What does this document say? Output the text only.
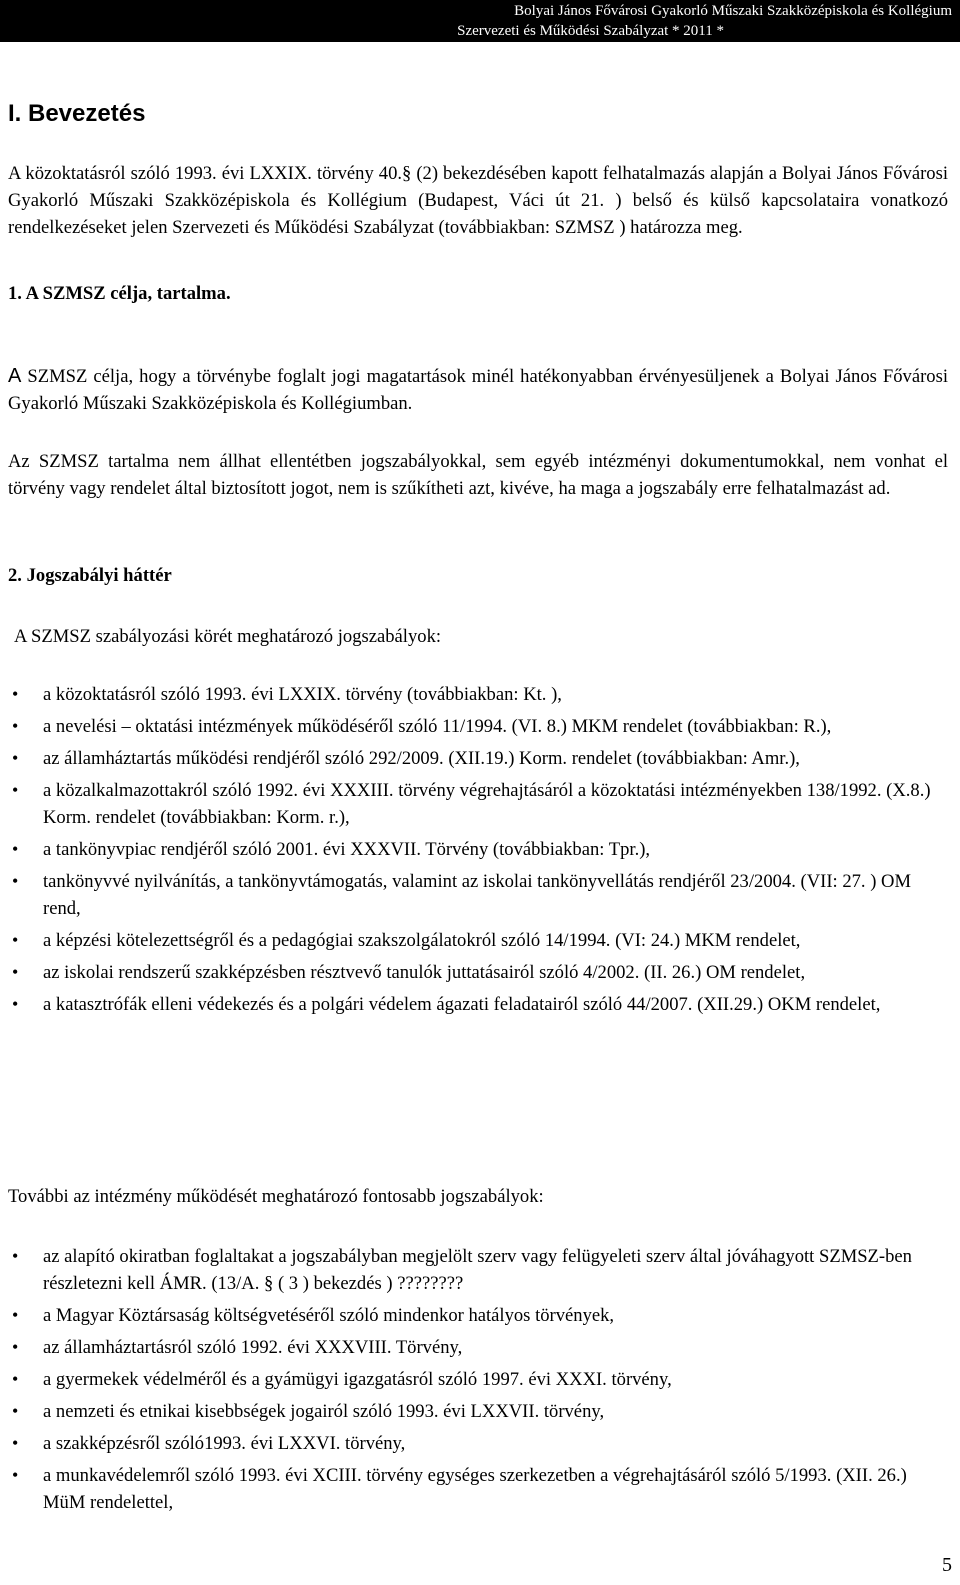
Bolyai János Fővárosi Gyakorló Műszaki Szakközépiskola és Kollégium
Szervezeti és Működési Szabályzat * 2011 *
I. Bevezetés

A közoktatásról szóló 1993. évi LXXIX. törvény 40.§ (2) bekezdésében kapott felhatalmazás alapján a Bolyai János Fővárosi Gyakorló Műszaki Szakközépiskola és Kollégium (Budapest, Váci út 21. ) belső és külső kapcsolataira vonatkozó rendelkezéseket jelen Szervezeti és Működési Szabályzat (továbbiakban: SZMSZ ) határozza meg.

1. A SZMSZ célja, tartalma.

A SZMSZ célja, hogy a törvénybe foglalt jogi magatartások minél hatékonyabban érvényesüljenek a Bolyai János Fővárosi Gyakorló Műszaki Szakközépiskola és Kollégiumban.

Az SZMSZ tartalma nem állhat ellentétben jogszabályokkal, sem egyéb intézményi dokumentumokkal, nem vonhat el törvény vagy rendelet által biztosított jogot, nem is szűkítheti azt, kivéve, ha maga a jogszabály erre felhatalmazást ad.

2. Jogszabályi háttér

A SZMSZ szabályozási körét meghatározó jogszabályok:

• a közoktatásról szóló 1993. évi LXXIX. törvény (továbbiakban: Kt. ),
• a nevelési – oktatási intézmények működéséről szóló 11/1994. (VI. 8.) MKM rendelet (továbbiakban: R.),
• az államháztartás működési rendjéről szóló 292/2009. (XII.19.) Korm. rendelet (továbbiakban: Amr.),
• a közalkalmazottakról szóló 1992. évi XXXIII. törvény végrehajtásáról a közoktatási intézményekben 138/1992. (X.8.) Korm. rendelet (továbbiakban: Korm. r.),
• a tankönyvpiac rendjéről szóló 2001. évi XXXVII. Törvény (továbbiakban: Tpr.),
• tankönyvvé nyilvánítás, a tankönyvtámogatás, valamint az iskolai tankönyvellátás rendjéről 23/2004. (VII: 27. ) OM rend,
• a képzési kötelezettségről és a pedagógiai szakszolgálatokról szóló 14/1994. (VI: 24.) MKM rendelet,
• az iskolai rendszerű szakképzésben résztvevő tanulók juttatásairól szóló 4/2002. (II. 26.) OM rendelet,
• a katasztrófák elleni védekezés és a polgári védelem ágazati feladatairól szóló 44/2007. (XII.29.) OKM rendelet,

További az intézmény működését meghatározó fontosabb jogszabályok:

• az alapító okiratban foglaltakat a jogszabályban megjelölt szerv vagy felügyeleti szerv által jóváhagyott SZMSZ-ben részletezni kell ÁMR. (13/A. § ( 3 ) bekezdés ) ????????
• a Magyar Köztársaság költségvetéséről szóló mindenkor hatályos törvények,
• az államháztartásról szóló 1992. évi XXXVIII. Törvény,
• a gyermekek védelméről és a gyámügyi igazgatásról szóló 1997. évi XXXI. törvény,
• a nemzeti és etnikai kisebbségek jogairól szóló 1993. évi LXXVII. törvény,
• a szakképzésről szóló1993. évi LXXVI. törvény,
• a munkavédelemről szóló 1993. évi XCIII. törvény egységes szerkezetben a végrehajtásáról szóló 5/1993. (XII. 26.) MüM rendelettel,
5
